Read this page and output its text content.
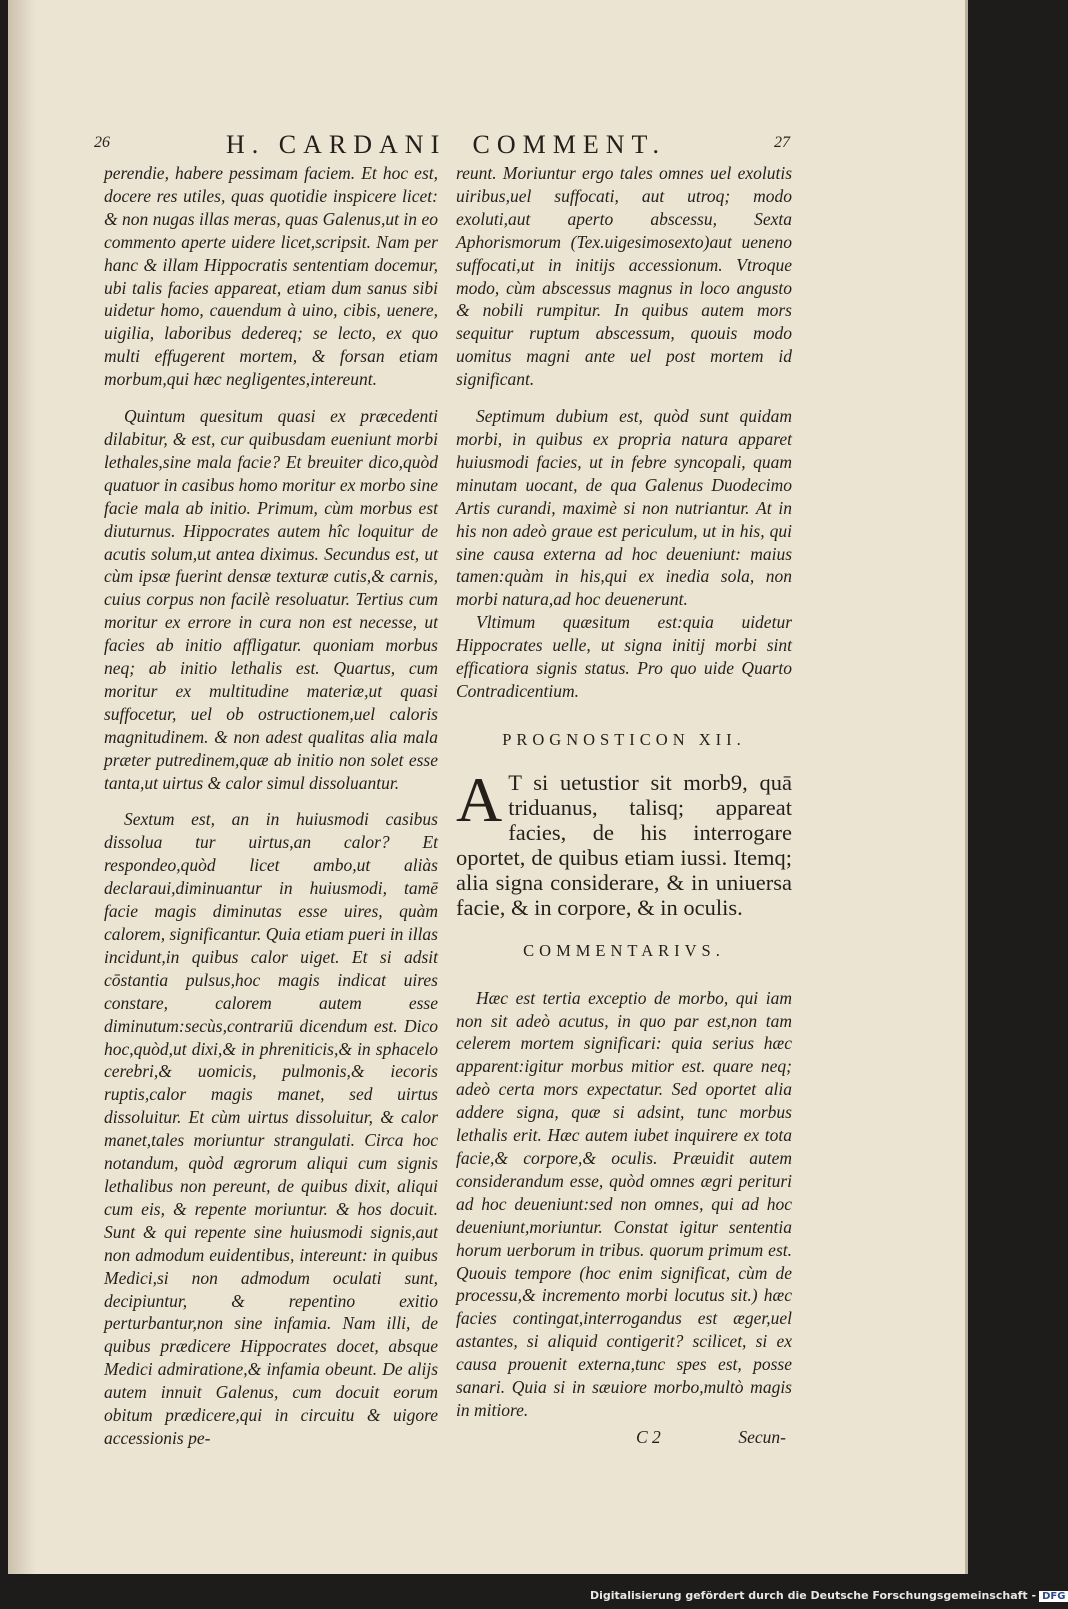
26	27
H. CARDANI COMMENT.

perendie, habere pessimam faciem. Et hoc est, docere res utiles, quas quotidie inspicere licet: & non nugas illas meras, quas Galenus,ut in eo commento aperte uidere licet,scripsit. Nam per hanc & illam Hippocratis sententiam docemur, ubi talis facies appareat, etiam dum sanus sibi uidetur homo, cauendum à uino, cibis, uenere, uigilia, laboribus dedereq; se lecto, ex quo multi effugerent mortem, & forsan etiam morbum,qui hæc negligentes,intereunt.

Quintum quesitum quasi ex præcedenti dilabitur, & est, cur quibusdam eueniunt morbi lethales,sine mala facie? Et breuiter dico,quòd quatuor in casibus homo moritur ex morbo sine facie mala ab initio. Primum, cùm morbus est diuturnus. Hippocrates autem hîc loquitur de acutis solum,ut antea diximus. Secundus est, ut cùm ipsæ fuerint densæ texturæ cutis,& carnis, cuius corpus non facilè resoluatur. Tertius cum moritur ex errore in cura non est necesse, ut facies ab initio affligatur. quoniam morbus neq; ab initio lethalis est. Quartus, cum moritur ex multitudine materiæ,ut quasi suffocetur, uel ob ostructionem,uel caloris magnitudinem. & non adest qualitas alia mala præter putredinem,quæ ab initio non solet esse tanta,ut uirtus & calor simul dissoluantur.

Sextum est, an in huiusmodi casibus dissolua tur uirtus,an calor? Et respondeo,quòd licet ambo,ut aliàs declaraui,diminuantur in huiusmodi, tamē facie magis diminutas esse uires, quàm calorem, significantur. Quia etiam pueri in illas incidunt,in quibus calor uiget. Et si adsit cōstantia pulsus,hoc magis indicat uires constare, calorem autem esse diminutum:secùs,contrariū dicendum est. Dico hoc,quòd,ut dixi,& in phreniticis,& in sphacelo cerebri,& uomicis, pulmonis,& iecoris ruptis,calor magis manet, sed uirtus dissoluitur. Et cùm uirtus dissoluitur, & calor manet,tales moriuntur strangulati. Circa hoc notandum, quòd ægrorum aliqui cum signis lethalibus non pereunt, de quibus dixit, aliqui cum eis, & repente moriuntur. & hos docuit. Sunt & qui repente sine huiusmodi signis,aut non admodum euidentibus, intereunt: in quibus Medici,si non admodum oculati sunt, decipiuntur, & repentino exitio perturbantur,non sine infamia. Nam illi, de quibus prædicere Hippocrates docet, absque Medici admiratione,& infamia obeunt. De alijs autem innuit Galenus, cum docuit eorum obitum prædicere,qui in circuitu & uigore accessionis pe-

reunt. Moriuntur ergo tales omnes uel exolutis uiribus,uel suffocati, aut utroq; modo exoluti,aut aperto abscessu, Sexta Aphorismorum (Tex.uigesimosexto)aut ueneno suffocati,ut in initijs accessionum. Vtroque modo, cùm abscessus magnus in loco angusto & nobili rumpitur. In quibus autem mors sequitur ruptum abscessum, quouis modo uomitus magni ante uel post mortem id significant.

Septimum dubium est, quòd sunt quidam morbi, in quibus ex propria natura apparet huiusmodi facies, ut in febre syncopali, quam minutam uocant, de qua Galenus Duodecimo Artis curandi, maximè si non nutriantur. At in his non adeò graue est periculum, ut in his, qui sine causa externa ad hoc deueniunt: maius tamen:quàm in his,qui ex inedia sola, non morbi natura,ad hoc deuenerunt.

Vltimum quæsitum est:quia uidetur Hippocrates uelle, ut signa initij morbi sint efficatiora signis status. Pro quo uide Quarto Contradicentium.

PROGNOSTICON XII.
A T si uetustior sit morb9, quā triduanus, talisq; appareat facies, de his interrogare oportet, de quibus etiam iussi. Itemq; alia signa considerare, & in uniuersa facie, & in corpore, & in oculis.
COMMENTARIVS.

Hæc est tertia exceptio de morbo, qui iam non sit adeò acutus, in quo par est,non tam celerem mortem significari: quia serius hæc apparent:igitur morbus mitior est. quare neq; adeò certa mors expectatur. Sed oportet alia addere signa, quæ si adsint, tunc morbus lethalis erit. Hæc autem iubet inquirere ex tota facie,& corpore,& oculis. Præuidit autem considerandum esse, quòd omnes ægri perituri ad hoc deueniunt:sed non omnes, qui ad hoc deueniunt,moriuntur. Constat igitur sententia horum uerborum in tribus. quorum primum est. Quouis tempore (hoc enim significat, cùm de processu,& incremento morbi locutus sit.) hæc facies contingat,interrogandus est æger,uel astantes, si aliquid contigerit? scilicet, si ex causa prouenit externa,tunc spes est, posse sanari. Quia si in sæuiore morbo,multò magis in mitiore.

C 2	Secun-
Digitalisierung gefördert durch die Deutsche Forschungsgemeinschaft - DFG
